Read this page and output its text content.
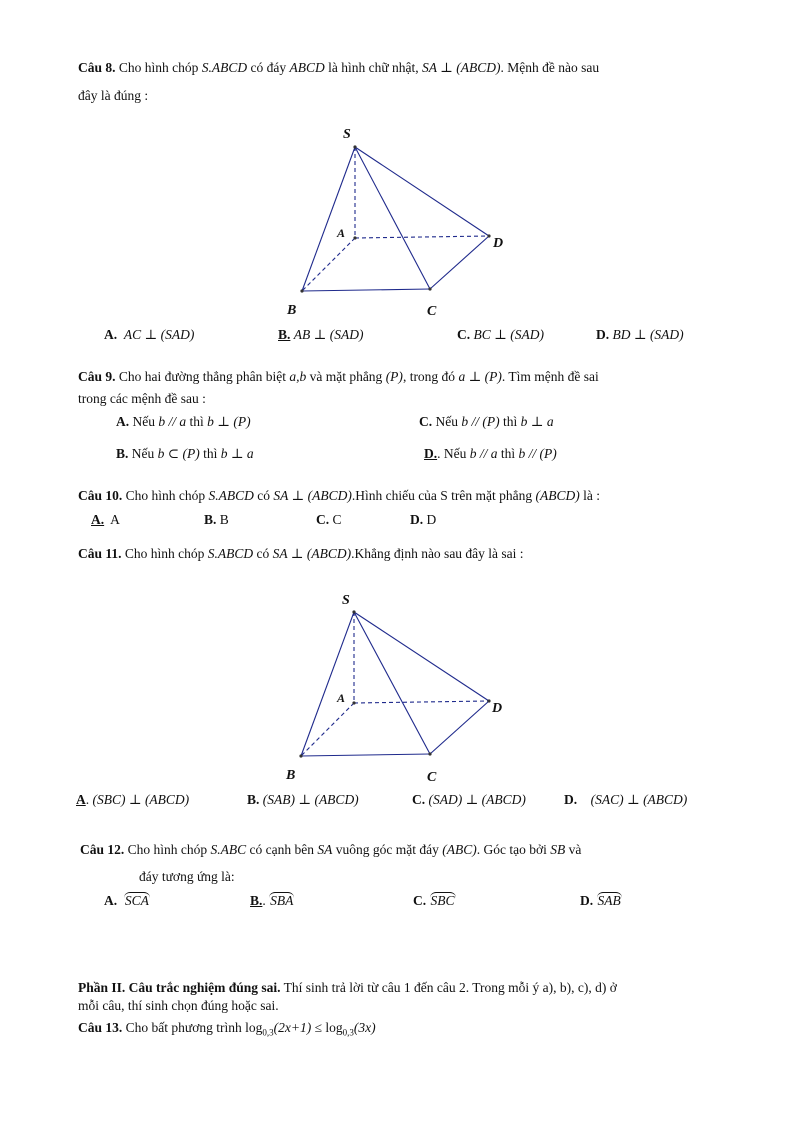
Câu 8. Cho hình chóp S.ABCD có đáy ABCD là hình chữ nhật, SA ⊥ (ABCD). Mệnh đề nào sau
đây là đúng :
S
A
B	C
D
A. AC ⊥ (SAD)	B. AB ⊥ (SAD)	C. BC ⊥ (SAD)	D. BD ⊥ (SAD)
Câu 9. Cho hai đường thẳng phân biệt a,b và mặt phẳng (P), trong đó a ⊥ (P). Tìm mệnh đề sai
trong các mệnh đề sau :
A. Nếu b // a thì b ⊥ (P)	C. Nếu b // (P) thì b ⊥ a
B. Nếu b ⊂ (P) thì b ⊥ a	D.. Nếu b // a thì b // (P)
Câu 10. Cho hình chóp S.ABCD có SA ⊥ (ABCD).Hình chiếu của S trên mặt phẳng (ABCD) là :
A. A	B. B	C. C	D. D
Câu 11. Cho hình chóp S.ABCD có SA ⊥ (ABCD).Khẳng định nào sau đây là sai :
S
A
B	C
D
A. (SBC) ⊥ (ABCD)	B. (SAB) ⊥ (ABCD)	C. (SAD) ⊥ (ABCD)	D. (SAC) ⊥ (ABCD)
Câu 12. Cho hình chóp S.ABC có cạnh bên SA vuông góc mặt đáy (ABC). Góc tạo bởi SB và
đáy tương ứng là:
A. SCA	B.. SBA	C. SBC	D. SAB
Phần II. Câu trắc nghiệm đúng sai. Thí sinh trả lời từ câu 1 đến câu 2. Trong mỗi ý a), b), c), d) ở
mỗi câu, thí sinh chọn đúng hoặc sai.
Câu 13. Cho bất phương trình $\log_{0,3}(2x+1) \le \log_{0,3}(3x)$
